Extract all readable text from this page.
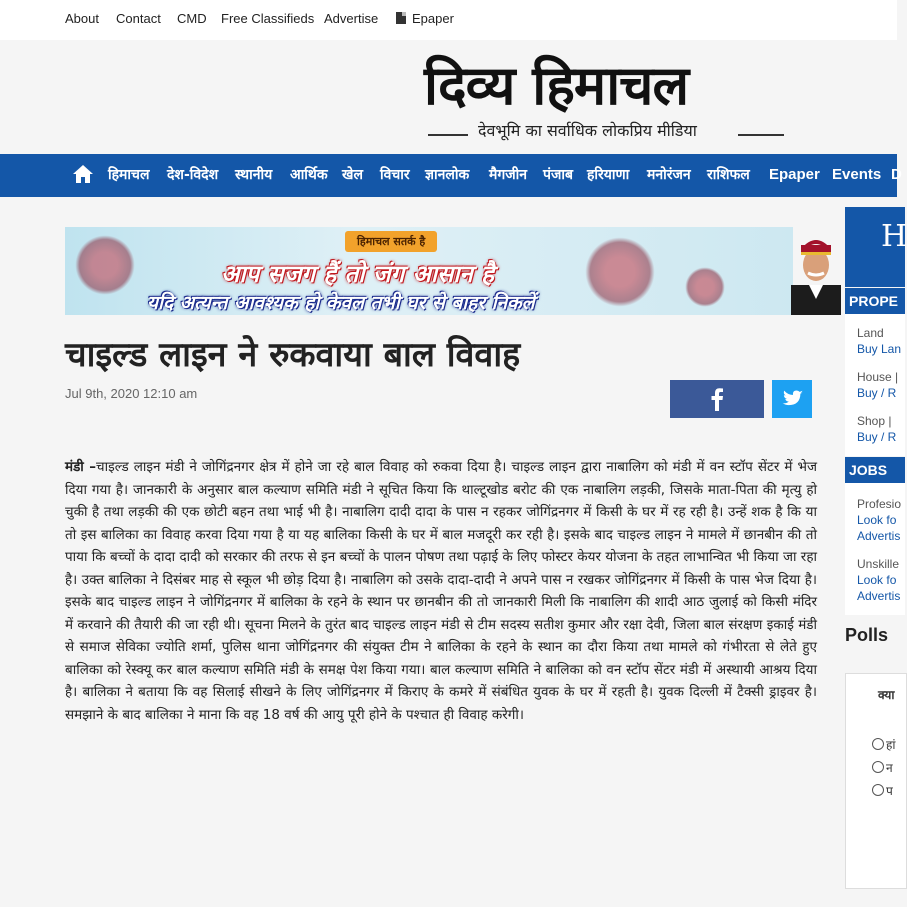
About Contact CMD Free Classifieds Advertise	Epaper
दिव्य हिमाचल
देवभूमि का सर्वाधिक लोकप्रिय मीडिया
हिमाचल देश-विदेश स्थानीय आर्थिक खेल विचार ज्ञानलोक मैगजीन पंजाब हरियाणा मनोरंजन राशिफल Epaper Events D
हिमाचल सतर्क है
आप सजग हैं तो जंग आसान है
यदि अत्यन्त आवश्यक हो केवल तभी घर से बाहर निकलें
चाइल्ड लाइन ने रुकवाया बाल विवाह
Jul 9th, 2020 12:10 am
मंडी –चाइल्ड लाइन मंडी ने जोगिंद्रनगर क्षेत्र में होने जा रहे बाल विवाह को रुकवा दिया है। चाइल्ड लाइन द्वारा नाबालिग को मंडी में वन स्टॉप सेंटर में भेज दिया गया है। जानकारी के अनुसार बाल कल्याण समिति मंडी ने सूचित किया कि थाल्टूखोड बरोट की एक नाबालिग लड़की, जिसके माता-पिता की मृत्यु हो चुकी है तथा लड़की की एक छोटी बहन तथा भाई भी है। नाबालिग दादी दादा के पास न रहकर जोगिंद्रनगर में किसी के घर में रह रही है। उन्हें शक है कि या तो इस बालिका का विवाह करवा दिया गया है या यह बालिका किसी के घर में बाल मजदूरी कर रही है। इसके बाद चाइल्ड लाइन ने मामले में छानबीन की तो पाया कि बच्चों के दादा दादी को सरकार की तरफ से इन बच्चों के पालन पोषण तथा पढ़ाई के लिए फोस्टर केयर योजना के तहत लाभान्वित भी किया जा रहा है। उक्त बालिका ने दिसंबर माह से स्कूल भी छोड़ दिया है। नाबालिग को उसके दादा-दादी ने अपने पास न रखकर जोगिंद्रनगर में किसी के पास भेज दिया है। इसके बाद चाइल्ड लाइन ने जोगिंद्रनगर में बालिका के रहने के स्थान पर छानबीन की तो जानकारी मिली कि नाबालिग की शादी आठ जुलाई को किसी मंदिर में करवाने की तैयारी की जा रही थी। सूचना मिलने के तुरंत बाद चाइल्ड लाइन मंडी से टीम सदस्य सतीश कुमार और रक्षा देवी, जिला बाल संरक्षण इकाई मंडी से समाज सेविका ज्योति शर्मा, पुलिस थाना जोगिंद्रनगर की संयुक्त टीम ने बालिका के रहने के स्थान का दौरा किया तथा मामले को गंभीरता से लेते हुए बालिका को रेस्क्यू कर बाल कल्याण समिति मंडी के समक्ष पेश किया गया। बाल कल्याण समिति ने बालिका को वन स्टॉप सेंटर मंडी में अस्थायी आश्रय दिया है। बालिका ने बताया कि वह सिलाई सीखने के लिए जोगिंद्रनगर में किराए के कमरे में संबंधित युवक के घर में रहती है। युवक दिल्ली में टैक्सी ड्राइवर है। समझाने के बाद बालिका ने माना कि वह 18 वर्ष की आयु पूरी होने के पश्चात ही विवाह करेगी।
H
PROPE
Land
Buy Lan
House |
Buy / R
Shop |
Buy / R
JOBS
Profesio
Look fo
Advertis
Unskille
Look fo
Advertis
Polls
क्या
हां
न
प
